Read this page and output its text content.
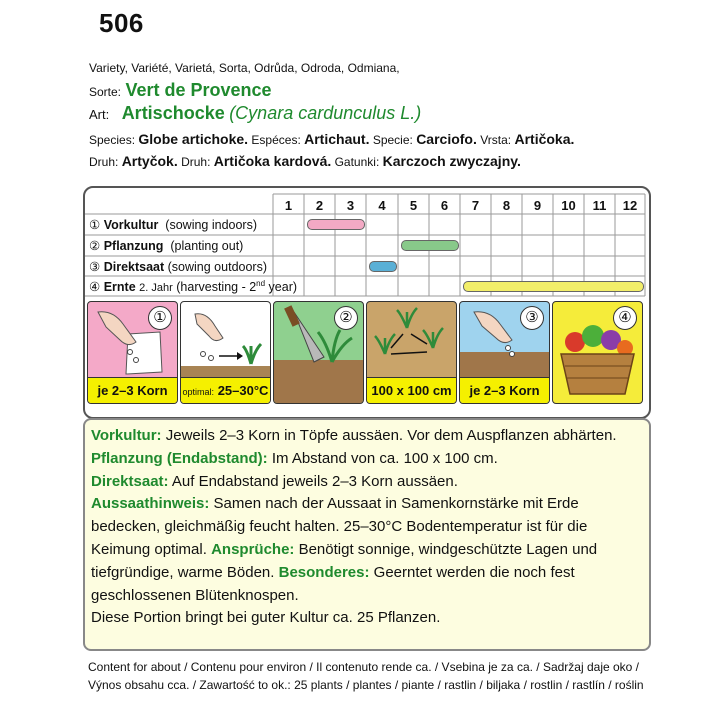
506
Variety, Variété, Varietá, Sorta, Odrůda, Odroda, Odmiana,
Sorte: Vert de Provence
Art: Artischocke (Cynara cardunculus L.)
Species: Globe artichoke. Espéces: Artichaut. Specie: Carciofo. Vrsta: Artičoka.
Druh: Artyčok. Druh: Artičoka kardová. Gatunki: Karczoch zwyczajny.
1	2	3	4	5	6	7	8	9	10	11	12
① Vorkultur (sowing indoors)
② Pflanzung (planting out)
③ Direktsaat (sowing outdoors)
④ Ernte 2. Jahr (harvesting - 2nd year)
①
je 2–3 Korn	optimal: 25–30°C
②
100 x 100 cm
③
je 2–3 Korn
④
Vorkultur: Jeweils 2–3 Korn in Töpfe aussäen. Vor dem Auspflanzen abhärten.
Pflanzung (Endabstand): Im Abstand von ca. 100 x 100 cm.
Direktsaat: Auf Endabstand jeweils 2–3 Korn aussäen.
Aussaathinweis: Samen nach der Aussaat in Samenkornstärke mit Erde bedecken, gleichmäßig feucht halten. 25–30°C Bodentemperatur ist für die Keimung optimal. Ansprüche: Benötigt sonnige, windgeschützte Lagen und tiefgründige, warme Böden. Besonderes: Geerntet werden die noch fest geschlossenen Blütenknospen.
Diese Portion bringt bei guter Kultur ca. 25 Pflanzen.
Content for about / Contenu pour environ / Il contenuto rende ca. / Vsebina je za ca. / Sadržaj daje oko /
Výnos obsahu cca. / Zawartość to ok.: 25 plants / plantes / piante / rastlin / biljaka / rostlin / rastlín / roślin
